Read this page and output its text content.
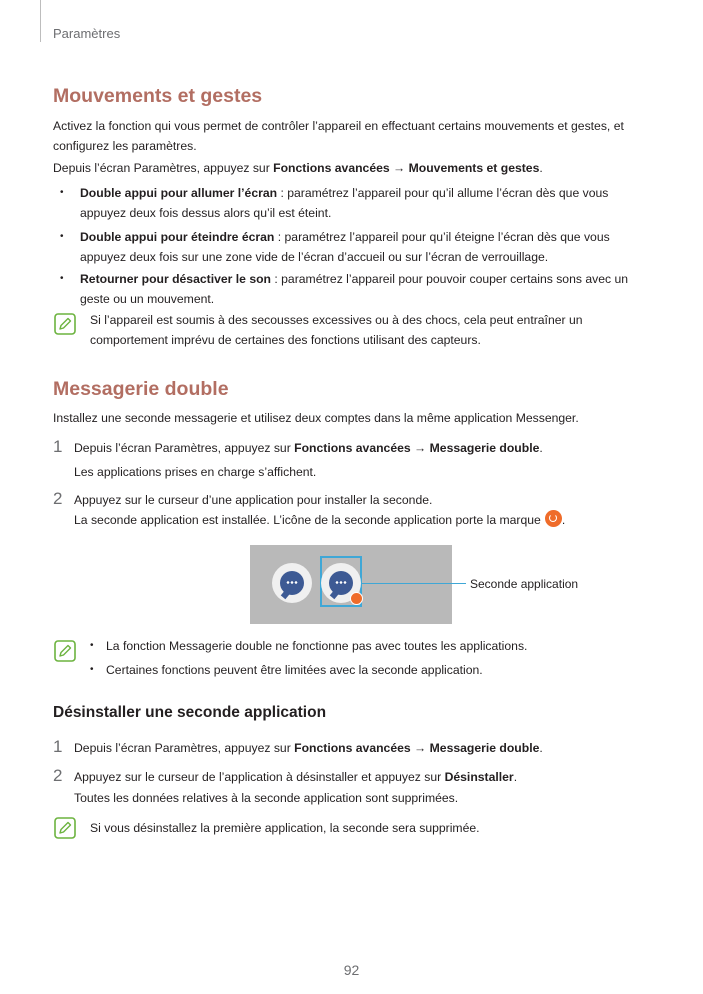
Paramètres
Mouvements et gestes
Activez la fonction qui vous permet de contrôler l’appareil en effectuant certains mouvements et gestes, et configurez les paramètres.
Depuis l’écran Paramètres, appuyez sur Fonctions avancées → Mouvements et gestes.
• Double appui pour allumer l’écran : paramétrez l’appareil pour qu’il allume l’écran dès que vous appuyez deux fois dessus alors qu’il est éteint.
• Double appui pour éteindre écran : paramétrez l’appareil pour qu’il éteigne l’écran dès que vous appuyez deux fois sur une zone vide de l’écran d’accueil ou sur l’écran de verrouillage.
• Retourner pour désactiver le son : paramétrez l’appareil pour pouvoir couper certains sons avec un geste ou un mouvement.
Si l’appareil est soumis à des secousses excessives ou à des chocs, cela peut entraîner un comportement imprévu de certaines des fonctions utilisant des capteurs.
Messagerie double
Installez une seconde messagerie et utilisez deux comptes dans la même application Messenger.
1 Depuis l’écran Paramètres, appuyez sur Fonctions avancées → Messagerie double.
Les applications prises en charge s’affichent.
2 Appuyez sur le curseur d’une application pour installer la seconde.
La seconde application est installée. L’icône de la seconde application porte la marque .
Seconde application
• La fonction Messagerie double ne fonctionne pas avec toutes les applications.
• Certaines fonctions peuvent être limitées avec la seconde application.
Désinstaller une seconde application
1 Depuis l’écran Paramètres, appuyez sur Fonctions avancées → Messagerie double.
2 Appuyez sur le curseur de l’application à désinstaller et appuyez sur Désinstaller.
Toutes les données relatives à la seconde application sont supprimées.
Si vous désinstallez la première application, la seconde sera supprimée.
92
